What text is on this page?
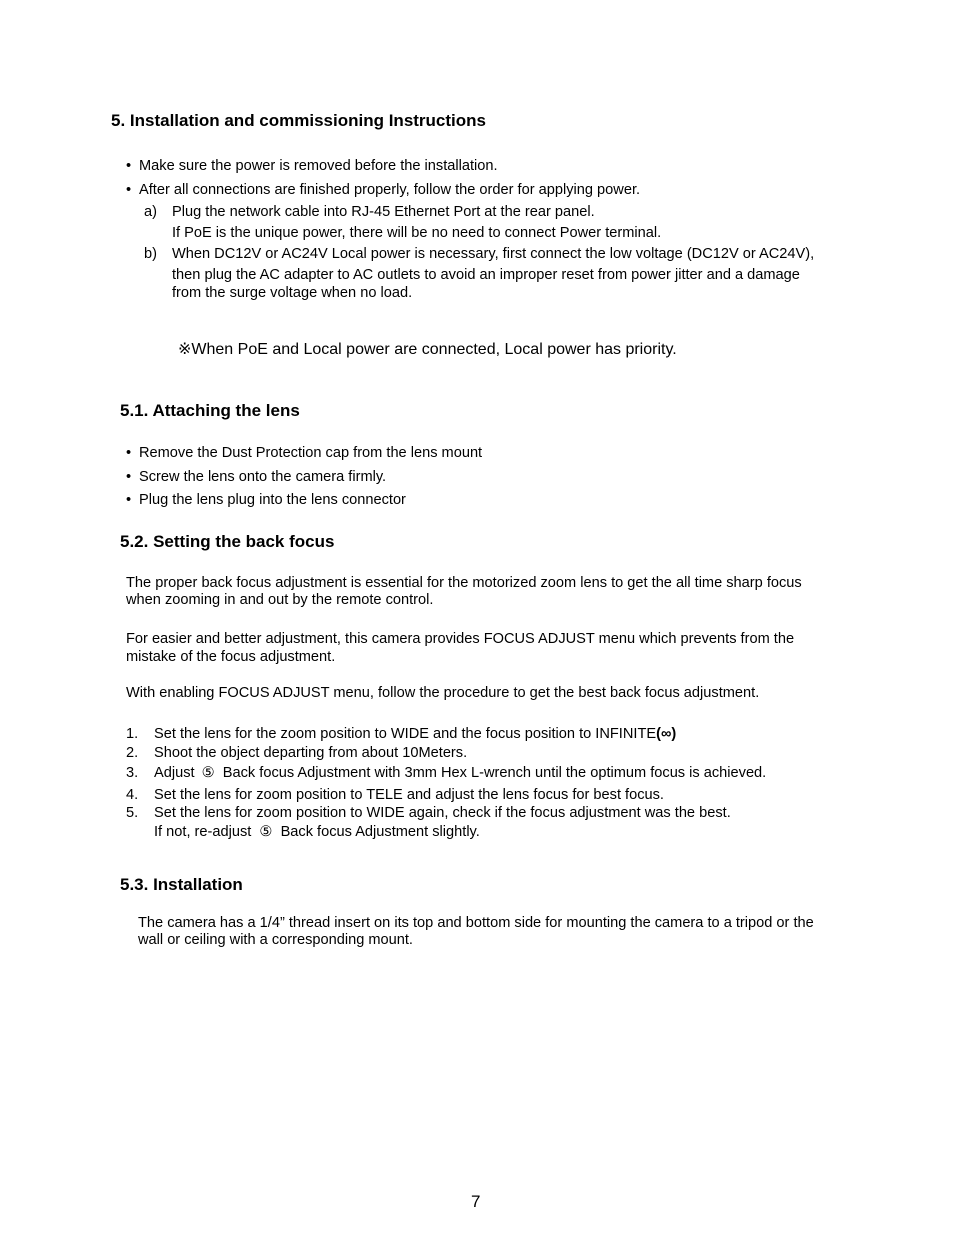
5. Installation and commissioning Instructions
• Make sure the power is removed before the installation.
• After all connections are finished properly, follow the order for applying power.
a) Plug the network cable into RJ-45 Ethernet Port at the rear panel.
If PoE is the unique power, there will be no need to connect Power terminal.
b) When DC12V or AC24V Local power is necessary, first connect the low voltage (DC12V or AC24V),
then plug the AC adapter to AC outlets to avoid an improper reset from power jitter and a damage
from the surge voltage when no load.
※When PoE and Local power are connected, Local power has priority.
5.1. Attaching the lens
• Remove the Dust Protection cap from the lens mount
• Screw the lens onto the camera firmly.
• Plug the lens plug into the lens connector
5.2. Setting the back focus
The proper back focus adjustment is essential for the motorized zoom lens to get the all time sharp focus
when zooming in and out by the remote control.
For easier and better adjustment, this camera provides FOCUS ADJUST menu which prevents from the
mistake of the focus adjustment.
With enabling FOCUS ADJUST menu, follow the procedure to get the best back focus adjustment.
1. Set the lens for the zoom position to WIDE and the focus position to INFINITE(∞)
2. Shoot the object departing from about 10Meters.
3. Adjust ⑤ Back focus Adjustment with 3mm Hex L-wrench until the optimum focus is achieved.
4. Set the lens for zoom position to TELE and adjust the lens focus for best focus.
5. Set the lens for zoom position to WIDE again, check if the focus adjustment was the best.
If not, re-adjust ⑤ Back focus Adjustment slightly.
5.3. Installation
The camera has a 1/4” thread insert on its top and bottom side for mounting the camera to a tripod or the
wall or ceiling with a corresponding mount.
7
